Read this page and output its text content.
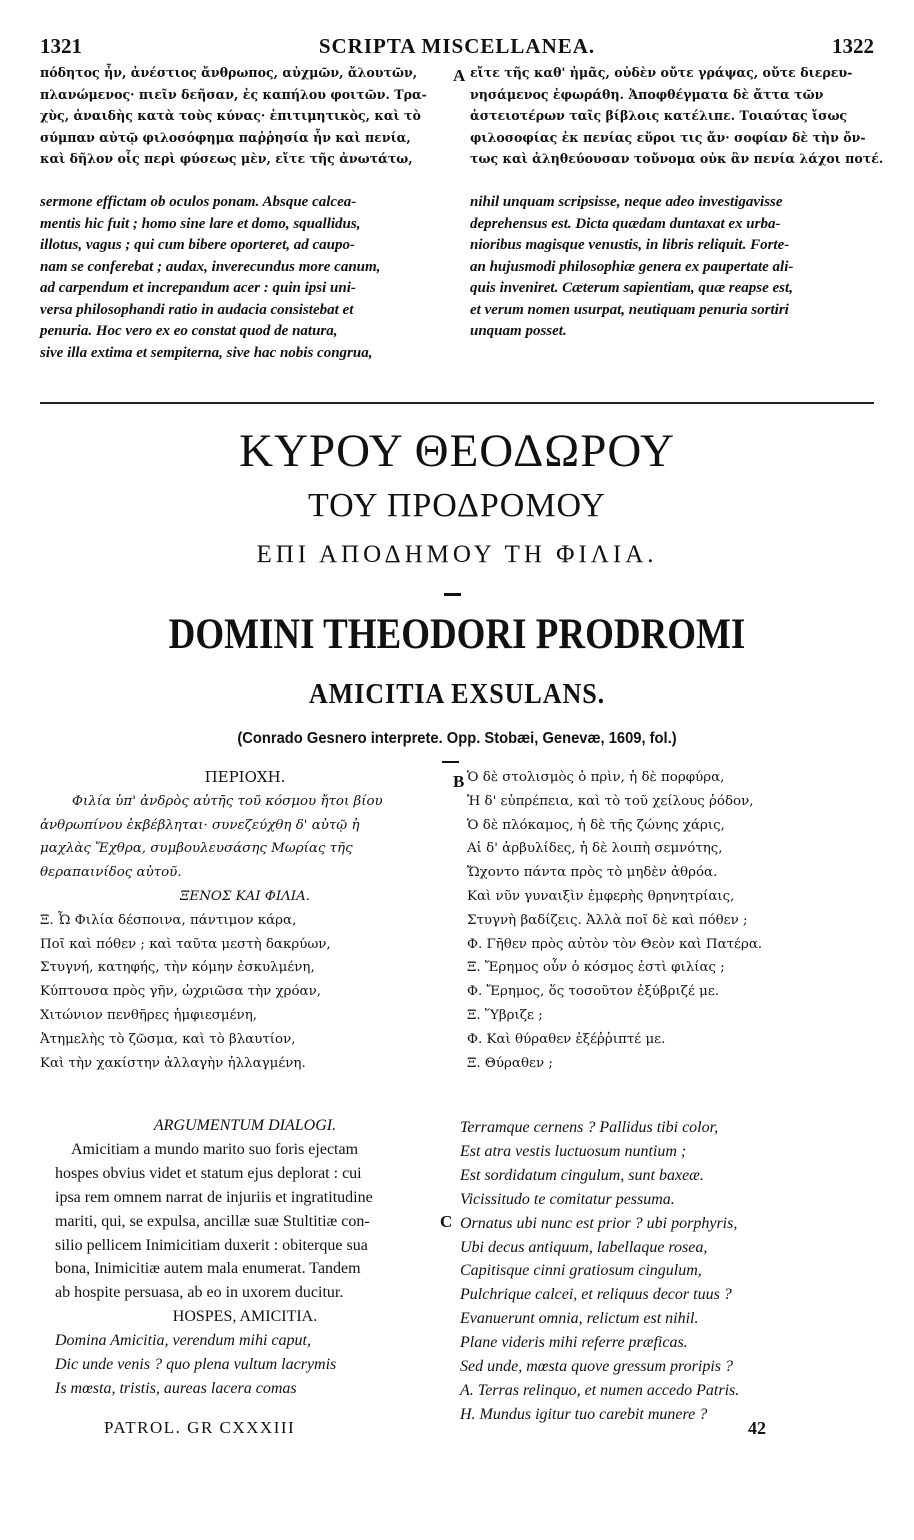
1321	SCRIPTA MISCELLANEA.	1322

πόδητος ἦν, ἀνέστιος ἄνθρωπος, αὐχμῶν, ἄλουτῶν,

πλανώμενος· πιεῖν δεῆσαν, ἐς καπήλου φοιτῶν. Τρα-

χὺς, ἀναιδὴς κατὰ τοὺς κύνας· ἐπιτιμητικὸς, καὶ τὸ

σύμπαν αὐτῷ φιλοσόφημα παῤῥησία ἦν καὶ πενία,

καὶ δῆλον οἷς περὶ φύσεως μὲν, εἴτε τῆς ἀνωτάτω,

A εἴτε τῆς καθ' ἡμᾶς, οὐδὲν οὔτε γράψας, οὔτε διερευ-

νησάμενος ἐφωράθη. Ἀποφθέγματα δὲ ἄττα τῶν

ἀστειοτέρων ταῖς βίβλοις κατέλιπε. Τοιαύτας ἴσως

φιλοσοφίας ἐκ πενίας εὕροι τις ἄν· σοφίαν δὲ τὴν ὄν-

τως καὶ ἀληθεύουσαν τοὔνομα οὐκ ἂν πενία λάχοι ποτέ.

sermone effictam ob oculos ponam. Absque calcea-

mentis hic fuit ; homo sine lare et domo, squallidus,

illotus, vagus ; qui cum bibere oporteret, ad caupo-

nam se conferebat ; audax, inverecundus more canum,

ad carpendum et increpandum acer : quin ipsi uni-

versa philosophandi ratio in audacia consistebat et

penuria. Hoc vero ex eo constat quod de natura,

sive illa extima et sempiterna, sive hac nobis congrua,

nihil unquam scripsisse, neque adeo investigavisse

deprehensus est. Dicta quædam duntaxat ex urba-

nioribus magisque venustis, in libris reliquit. Forte-

an hujusmodi philosophiæ genera ex paupertate ali-

quis inveniret. Cæterum sapientiam, quæ reapse est,

et verum nomen usurpat, neutiquam penuria sortiri

unquam posset.

ΚΥΡΟΥ ΘΕΟΔΩΡΟΥ
ΤΟΥ ΠΡΟΔΡΟΜΟΥ
ΕΠΙ ΑΠΟΔΗΜΟΥ ΤΗ ΦΙΛΙΑ.
DOMINI THEODORI PRODROMI
AMICITIA EXSULANS.
(Conrado Gesnero interprete. Opp. Stobæi, Genevæ, 1609, fol.)

ΠΕΡΙΟΧΗ.

Φιλία ὑπ' ἀνδρὸς αὐτῆς τοῦ κόσμου ἤτοι βίου

ἀνθρωπίνου ἐκβέβληται· συνεζεύχθη δ' αὐτῷ ἡ

μαχλὰς Ἔχθρα, συμβουλευσάσης Μωρίας τῆς

θεραπαινίδος αὐτοῦ.

ΞΕΝΟΣ ΚΑΙ ΦΙΛΙΑ.

Ξ. Ὦ Φιλία δέσποινα, πάντιμον κάρα,

Ποῖ καὶ πόθεν ; καὶ ταῦτα μεστὴ δακρύων,

Στυγνή, κατηφής, τὴν κόμην ἐσκυλμένη,

Κύπτουσα πρὸς γῆν, ὠχριῶσα τὴν χρόαν,

Χιτώνιον πενθῆρες ἠμφιεσμένη,

Ἀτημελὴς τὸ ζῶσμα, καὶ τὸ βλαυτίον,

Καὶ τὴν χακίστην ἀλλαγὴν ἠλλαγμένη.

B Ὁ δὲ στολισμὸς ὁ πρὶν, ἡ δὲ πορφύρα,

Ἡ δ' εὐπρέπεια, καὶ τὸ τοῦ χείλους ῥόδον,

Ὁ δὲ πλόκαμος, ἡ δὲ τῆς ζώνης χάρις,

Αἱ δ' ἀρβυλίδες, ἡ δὲ λοιπὴ σεμνότης,

Ὤχοντο πάντα πρὸς τὸ μηδὲν ἀθρόα.

Καὶ νῦν γυναιξὶν ἐμφερὴς θρηνητρίαις,

Στυγνὴ βαδίζεις. Ἀλλὰ ποῖ δὲ καὶ πόθεν ;

Φ. Γῆθεν πρὸς αὐτὸν τὸν Θεὸν καὶ Πατέρα.

Ξ. Ἔρημος οὖν ὁ κόσμος ἐστὶ φιλίας ;

Φ. Ἔρημος, ὅς τοσοῦτον ἐξύβριζέ με.

Ξ. Ὕβριζε ;

Φ. Καὶ θύραθεν ἐξέῤῥιπτέ με.

Ξ. Θύραθεν ;

ARGUMENTUM DIALOGI.

Amicitiam a mundo marito suo foris ejectam

hospes obvius videt et statum ejus deplorat : cui

ipsa rem omnem narrat de injuriis et ingratitudine

mariti, qui, se expulsa, ancillæ suæ Stultitiæ con-

silio pellicem Inimicitiam duxerit : obiterque sua

bona, Inimicitiæ autem mala enumerat. Tandem

ab hospite persuasa, ab eo in uxorem ducitur.

HOSPES, AMICITIA.

Domina Amicitia, verendum mihi caput,

Dic unde venis ? quo plena vultum lacrymis

Is mœsta, tristis, aureas lacera comas

C

Terramque cernens ? Pallidus tibi color,

Est atra vestis luctuosum nuntium ;

Est sordidatum cingulum, sunt baxeæ.

Vicissitudo te comitatur pessuma.

Ornatus ubi nunc est prior ? ubi porphyris,

Ubi decus antiquum, labellaque rosea,

Capitisque cinni gratiosum cingulum,

Pulchrique calcei, et reliquus decor tuus ?

Evanuerunt omnia, relictum est nihil.

Plane videris mihi referre præficas.

Sed unde, mœsta quove gressum proripis ?

A. Terras relinquo, et numen accedo Patris.

H. Mundus igitur tuo carebit munere ?

PATROL. GR CXXXIII	42
